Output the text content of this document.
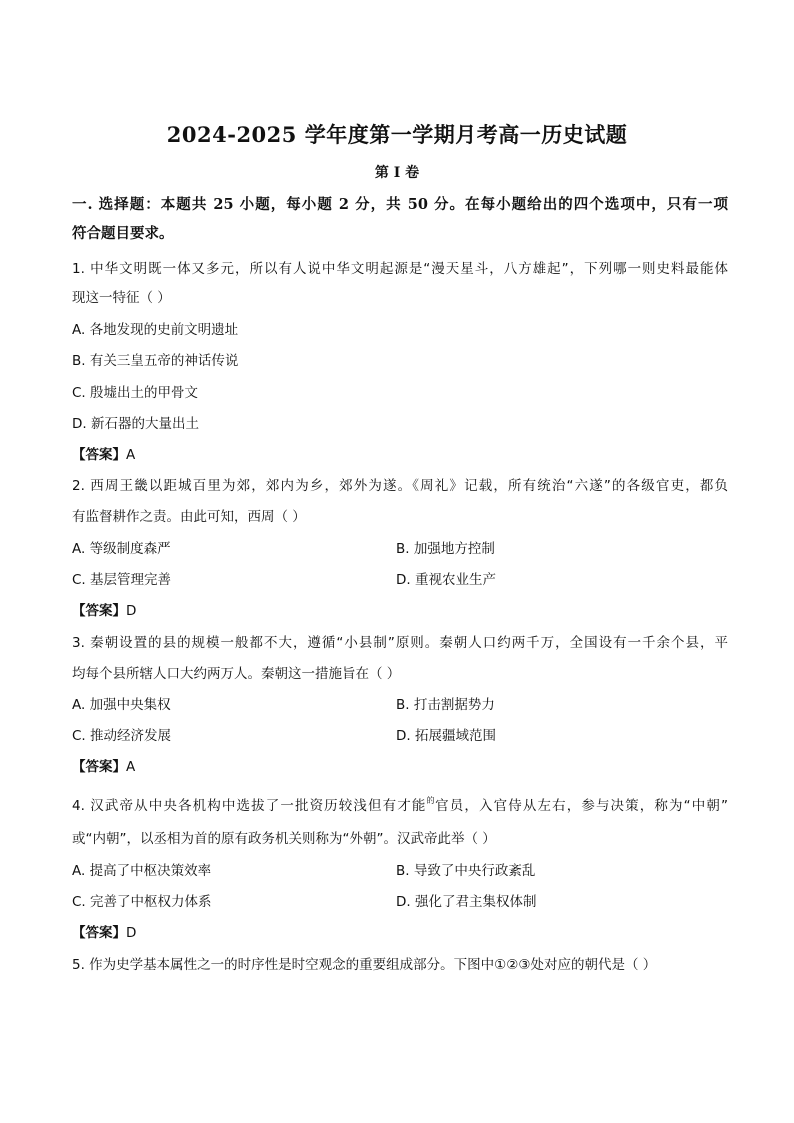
2024-2025 学年度第一学期月考高一历史试题
第 I 卷
一. 选择题：本题共 25 小题，每小题 2 分，共 50 分。在每小题给出的四个选项中，只有一项
符合题目要求。
1. 中华文明既一体又多元，所以有人说中华文明起源是“漫天星斗，八方雄起”，下列哪一则史料最能体
现这一特征（ ）
A. 各地发现的史前文明遗址
B. 有关三皇五帝的神话传说
C. 殷墟出土的甲骨文
D. 新石器的大量出土
【答案】A
2. 西周王畿以距城百里为郊，郊内为乡，郊外为遂。《周礼》记载，所有统治“六遂”的各级官吏，都负
有监督耕作之责。由此可知，西周（ ）
A. 等级制度森严	B. 加强地方控制
C. 基层管理完善	D. 重视农业生产
【答案】D
3. 秦朝设置的县的规模一般都不大，遵循“小县制”原则。秦朝人口约两千万，全国设有一千余个县，平
均每个县所辖人口大约两万人。秦朝这一措施旨在（ ）
A. 加强中央集权	B. 打击割据势力
C. 推动经济发展	D. 拓展疆域范围
【答案】A
4. 汉武帝从中央各机构中选拔了一批资历较浅但有才能$^的$官员，入官侍从左右，参与决策，称为“中朝”
或“内朝”，以丞相为首的原有政务机关则称为“外朝”。汉武帝此举（ ）
A. 提高了中枢决策效率	B. 导致了中央行政紊乱
C. 完善了中枢权力体系	D. 强化了君主集权体制
【答案】D
5. 作为史学基本属性之一的时序性是时空观念的重要组成部分。下图中①②③处对应的朝代是（ ）
